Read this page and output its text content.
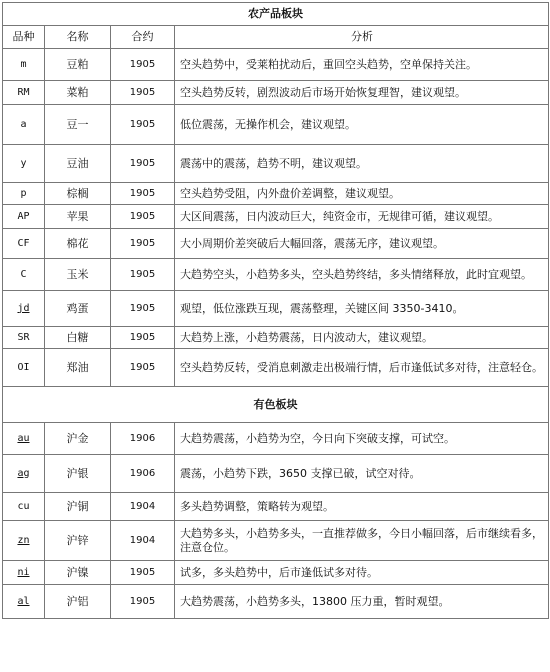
农产品板块			
品种	名称	合约	分析
m	豆粕	1905	空头趋势中，受莱粕扰动后，重回空头趋势，空单保持关注。
RM	菜粕	1905	空头趋势反转，剧烈波动后市场开始恢复理智，建议观望。
a	豆一	1905	低位震荡，无操作机会，建议观望。
y	豆油	1905	震荡中的震荡，趋势不明，建议观望。
p	棕榈	1905	空头趋势受阻，内外盘价差调整，建议观望。
AP	苹果	1905	大区间震荡，日内波动巨大，纯资金市，无规律可循，建议观望。
CF	棉花	1905	大小周期价差突破后大幅回落，震荡无序，建议观望。
C	玉米	1905	大趋势空头，小趋势多头，空头趋势终结，多头情绪释放，此时宜观望。
jd	鸡蛋	1905	观望，低位涨跌互现，震荡整理，关键区间 3350-3410。
SR	白糖	1905	大趋势上涨，小趋势震荡，日内波动大，建议观望。
OI	郑油	1905	空头趋势反转，受消息刺激走出极端行情，后市逢低试多对待，注意轻仓。
有色板块			
au	沪金	1906	大趋势震荡，小趋势为空，今日向下突破支撑，可试空。
ag	沪银	1906	震荡，小趋势下跌，3650 支撑已破，试空对待。
cu	沪铜	1904	多头趋势调整，策略转为观望。
zn	沪锌	1904	大趋势多头，小趋势多头，一直推荐做多，今日小幅回落，后市继续看多，注意仓位。
ni	沪镍	1905	试多，多头趋势中，后市逢低试多对待。
al	沪铝	1905	大趋势震荡，小趋势多头，13800 压力重，暂时观望。
